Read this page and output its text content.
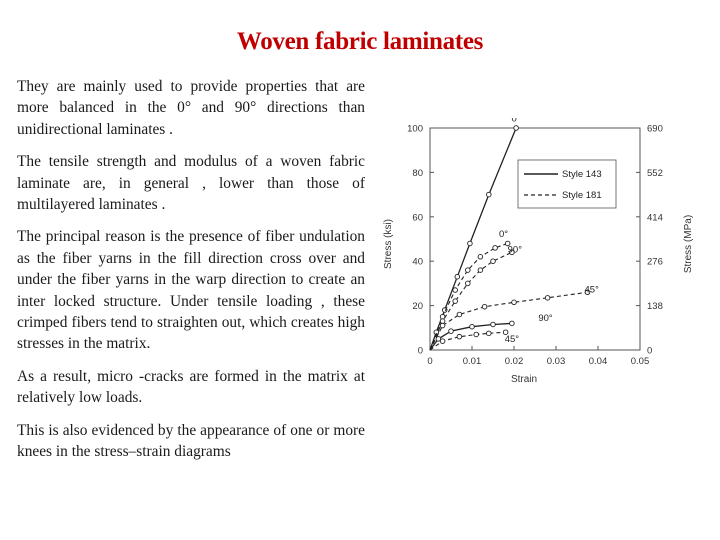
Woven fabric laminates

They are mainly used to provide properties that are more balanced in the 0° and 90° directions than unidirectional laminates .

The tensile strength and modulus of a woven fabric laminate are, in general , lower than those of multilayered laminates .

The principal reason is the presence of fiber undulation as the fiber yarns in the fill direction cross over and under the fiber yarns in the warp direction to create an inter locked structure. Under tensile loading , these crimped fibers tend to straighten out, which creates high stresses in the matrix.

As a result, micro -cracks are formed in the matrix at relatively low loads.

This is also evidenced by the appearance of one or more knees in the stress–strain diagrams

Strain
Stress (ksi)	Stress (MPa)
0	0.01 0.02 0.03 0.04 0.05
0	0
20	138
40	276
60	414
80	552
100	690
0°
90°
0°
90°
45°
45°
Style 143
Style 181
